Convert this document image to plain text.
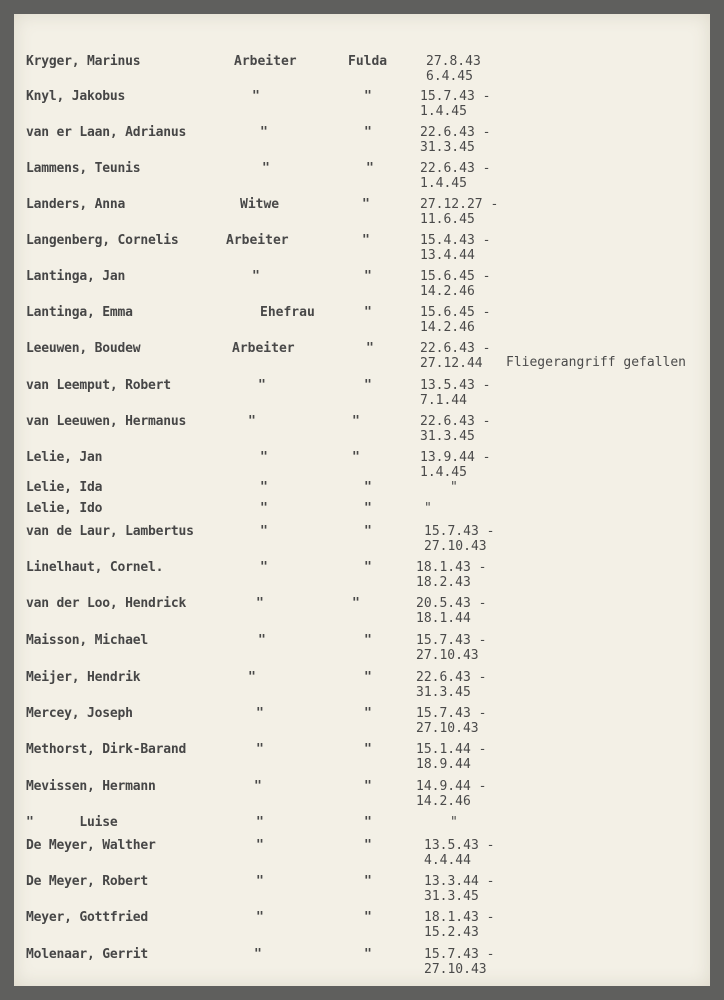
Kryger, Marinus	Arbeiter	Fulda	27.8.43
6.4.45
Knyl, Jakobus	"	"	15.7.43 -
1.4.45
van er Laan, Adrianus	"	"	22.6.43 -
31.3.45
Lammens, Teunis	"	"	22.6.43 -
1.4.45
Landers, Anna	Witwe	"	27.12.27 -
11.6.45
Langenberg, Cornelis	Arbeiter	"	15.4.43 -
13.4.44
Lantinga, Jan	"	"	15.6.45 -
14.2.46
Lantinga, Emma	Ehefrau	"	15.6.45 -
14.2.46
Leeuwen, Boudew	Arbeiter	"	22.6.43 -
27.12.44	Fliegerangriff gefallen
van Leemput, Robert	"	"	13.5.43 -
7.1.44
van Leeuwen, Hermanus	"	"	22.6.43 -
31.3.45
Lelie, Jan	"	"	13.9.44 -
1.4.45
Lelie, Ida	"	"	"
Lelie, Ido	"	"	"
van de Laur, Lambertus	"	"	15.7.43 -
27.10.43
Linelhaut, Cornel.	"	"	18.1.43 -
18.2.43
van der Loo, Hendrick	"	"	20.5.43 -
18.1.44
Maisson, Michael	"	"	15.7.43 -
27.10.43
Meijer, Hendrik	"	"	22.6.43 -
31.3.45
Mercey, Joseph	"	"	15.7.43 -
27.10.43
Methorst, Dirk-Barand	"	"	15.1.44 -
18.9.44
Mevissen, Hermann	"	"	14.9.44 -
14.2.46
"      Luise	"	"	"
De Meyer, Walther	"	"	13.5.43 -
4.4.44
De Meyer, Robert	"	"	13.3.44 -
31.3.45
Meyer, Gottfried	"	"	18.1.43 -
15.2.43
Molenaar, Gerrit	"	"	15.7.43 -
27.10.43
